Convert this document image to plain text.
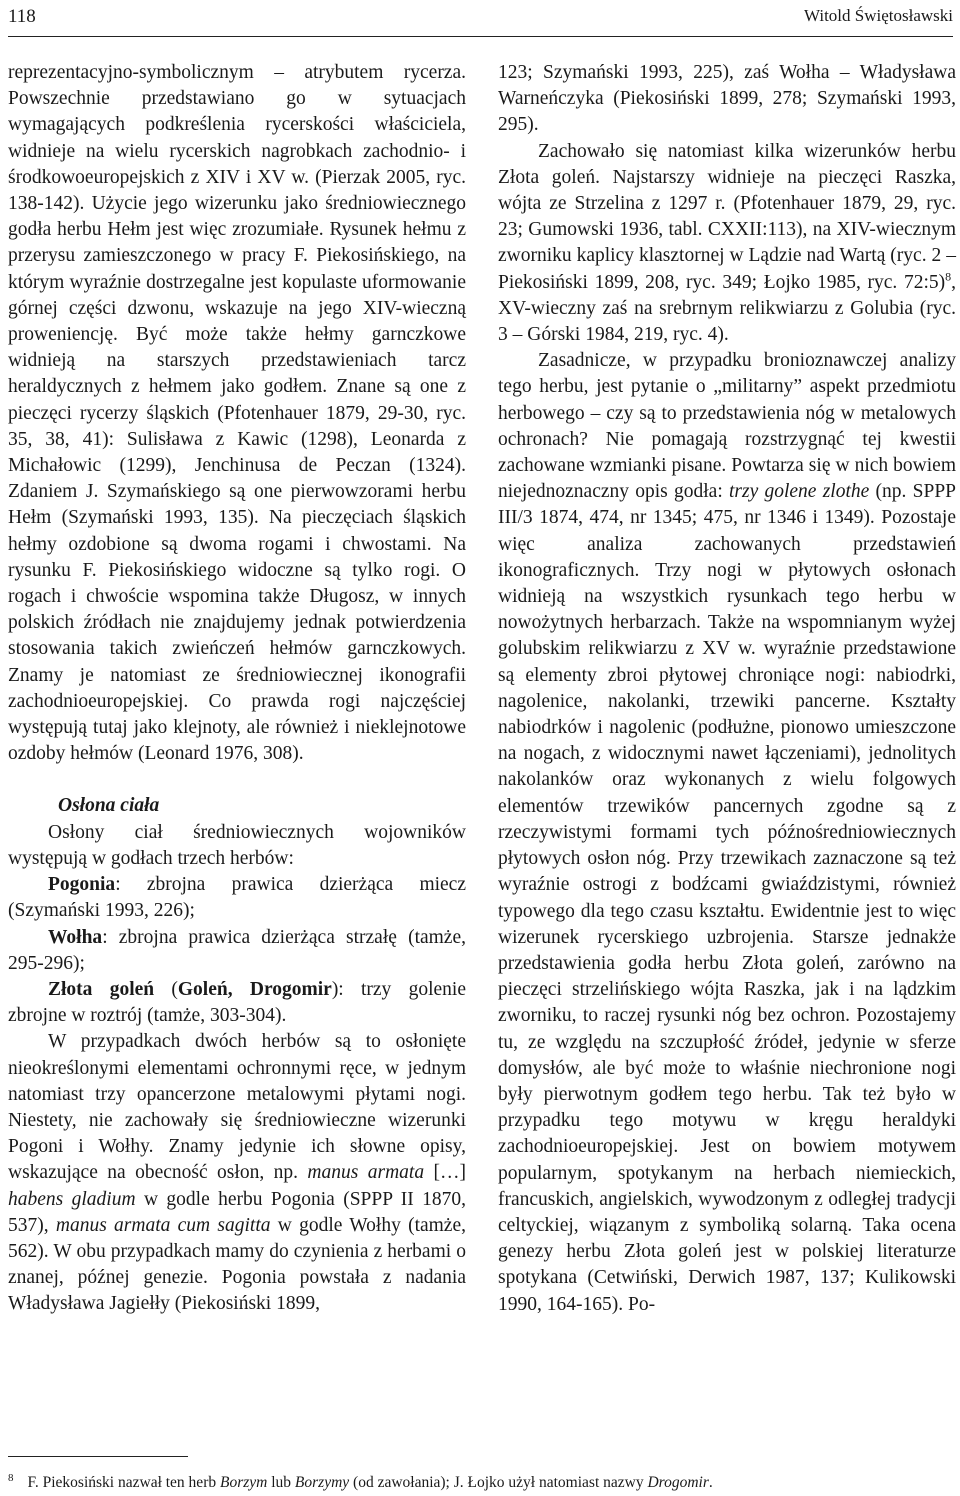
118	Witold Świętosławski

reprezentacyjno-symbolicznym – atrybutem rycerza. Powszechnie przedstawiano go w sytuacjach wymagających podkreślenia rycerskości właściciela, widnieje na wielu rycerskich nagrobkach zachodnio- i środkowoeuropejskich z XIV i XV w. (Pierzak 2005, ryc. 138-142). Użycie jego wizerunku jako średniowiecznego godła herbu Hełm jest więc zrozumiałe. Rysunek hełmu z przerysu zamieszczonego w pracy F. Piekosińskiego, na którym wyraźnie dostrzegalne jest kopulaste uformowanie górnej części dzwonu, wskazuje na jego XIV-wieczną proweniencję. Być może także hełmy garnczkowe widnieją na starszych przedstawieniach tarcz heraldycznych z hełmem jako godłem. Znane są one z pieczęci rycerzy śląskich (Pfotenhauer 1879, 29-30, ryc. 35, 38, 41): Sulisława z Kawic (1298), Leonarda z Michałowic (1299), Jenchinusa de Peczan (1324). Zdaniem J. Szymańskiego są one pierwowzorami herbu Hełm (Szymański 1993, 135). Na pieczęciach śląskich hełmy ozdobione są dwoma rogami i chwostami. Na rysunku F. Piekosińskiego widoczne są tylko rogi. O rogach i chwoście wspomina także Długosz, w innych polskich źródłach nie znajdujemy jednak potwierdzenia stosowania takich zwieńczeń hełmów garnczkowych. Znamy je natomiast ze średniowiecznej ikonografii zachodnioeuropejskiej. Co prawda rogi najczęściej występują tutaj jako klejnoty, ale również i nieklejnotowe ozdoby hełmów (Leonard 1976, 308).

Osłona ciała

Osłony ciał średniowiecznych wojowników występują w godłach trzech herbów:

Pogonia: zbrojna prawica dzierżąca miecz (Szymański 1993, 226);

Wołha: zbrojna prawica dzierżąca strzałę (tamże, 295-296);

Złota goleń (Goleń, Drogomir): trzy golenie zbrojne w roztrój (tamże, 303-304).

W przypadkach dwóch herbów są to osłonięte nieokreślonymi elementami ochronnymi ręce, w jednym natomiast trzy opancerzone metalowymi płytami nogi. Niestety, nie zachowały się średniowieczne wizerunki Pogoni i Wołhy. Znamy jedynie ich słowne opisy, wskazujące na obecność osłon, np. manus armata […] habens gladium w godle herbu Pogonia (SPPP II 1870, 537), manus armata cum sagitta w godle Wołhy (tamże, 562). W obu przypadkach mamy do czynienia z herbami o znanej, późnej genezie. Pogonia powstała z nadania Władysława Jagiełły (Piekosiński 1899,

123; Szymański 1993, 225), zaś Wołha – Władysława Warneńczyka (Piekosiński 1899, 278; Szymański 1993, 295).

Zachowało się natomiast kilka wizerunków herbu Złota goleń. Najstarszy widnieje na pieczęci Raszka, wójta ze Strzelina z 1297 r. (Pfotenhauer 1879, 29, ryc. 23; Gumowski 1936, tabl. CXXII:113), na XIV-wiecznym zworniku kaplicy klasztornej w Lądzie nad Wartą (ryc. 2 – Piekosiński 1899, 208, ryc. 349; Łojko 1985, ryc. 72:5)$^8$, XV-wieczny zaś na srebrnym relikwiarzu z Golubia (ryc. 3 – Górski 1984, 219, ryc. 4).

Zasadnicze, w przypadku bronioznawczej analizy tego herbu, jest pytanie o „militarny” aspekt przedmiotu herbowego – czy są to przedstawienia nóg w metalowych ochronach? Nie pomagają rozstrzygnąć tej kwestii zachowane wzmianki pisane. Powtarza się w nich bowiem niejednoznaczny opis godła: trzy golene zlothe (np. SPPP III/3 1874, 474, nr 1345; 475, nr 1346 i 1349). Pozostaje więc analiza zachowanych przedstawień ikonograficznych. Trzy nogi w płytowych osłonach widnieją na wszystkich rysunkach tego herbu w nowożytnych herbarzach. Także na wspomnianym wyżej golubskim relikwiarzu z XV w. wyraźnie przedstawione są elementy zbroi płytowej chroniące nogi: nabiodrki, nagolenice, nakolanki, trzewiki pancerne. Kształty nabiodrków i nagolenic (podłużne, pionowo umieszczone na nogach, z widocznymi nawet łączeniami), jednolitych nakolanków oraz wykonanych z wielu folgowych elementów trzewików pancernych zgodne są z rzeczywistymi formami tych późnośredniowiecznych płytowych osłon nóg. Przy trzewikach zaznaczone są też wyraźnie ostrogi z bodźcami gwiaździstymi, również typowego dla tego czasu kształtu. Ewidentnie jest to więc wizerunek rycerskiego uzbrojenia. Starsze jednakże przedstawienia godła herbu Złota goleń, zarówno na pieczęci strzelińskiego wójta Raszka, jak i na lądzkim zworniku, to raczej rysunki nóg bez ochron. Pozostajemy tu, ze względu na szczupłość źródeł, jedynie w sferze domysłów, ale być może to właśnie niechronione nogi były pierwotnym godłem tego herbu. Tak też było w przypadku tego motywu w kręgu heraldyki zachodnioeuropejskiej. Jest on bowiem motywem popularnym, spotykanym na herbach niemieckich, francuskich, angielskich, wywodzonym z odległej tradycji celtyckiej, wiązanym z symboliką solarną. Taka ocena genezy herbu Złota goleń jest w polskiej literaturze spotykana (Cetwiński, Derwich 1987, 137; Kulikowski 1990, 164-165). Po-

$^8$ F. Piekosiński nazwał ten herb Borzym lub Borzymy (od zawołania); J. Łojko użył natomiast nazwy Drogomir.
